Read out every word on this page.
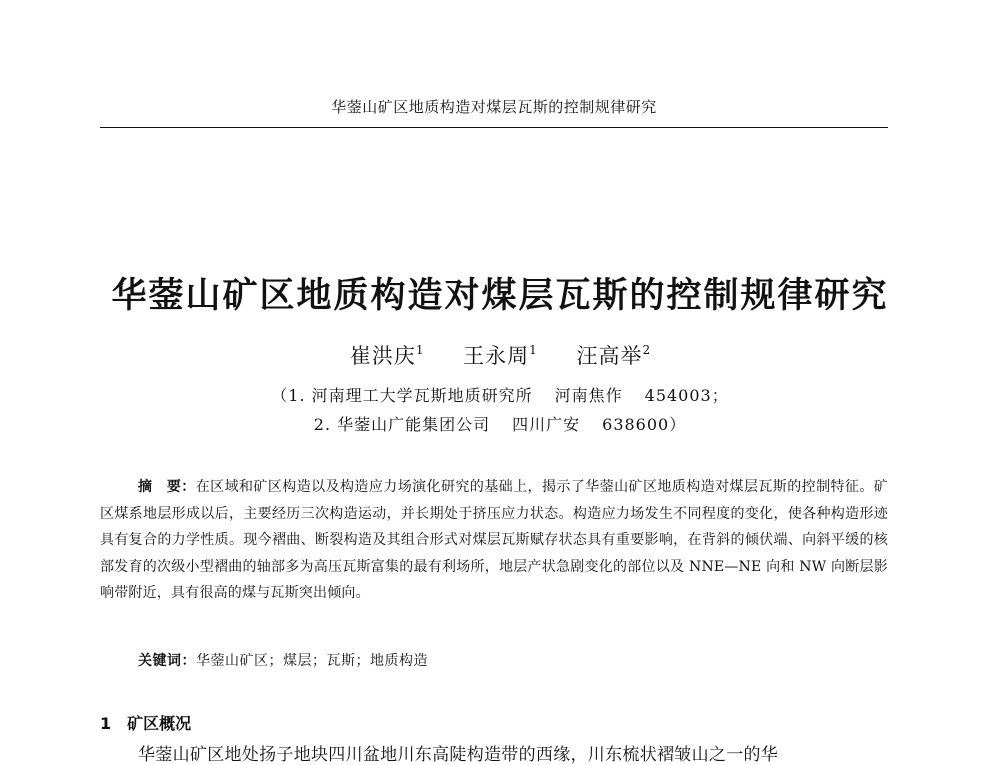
华蓥山矿区地质构造对煤层瓦斯的控制规律研究
华蓥山矿区地质构造对煤层瓦斯的控制规律研究
崔洪庆$^1$ 王永周$^1$ 汪高举$^2$
（1. 河南理工大学瓦斯地质研究所 河南焦作 454003；
2. 华蓥山广能集团公司 四川广安 638600）
摘　要：在区域和矿区构造以及构造应力场演化研究的基础上，揭示了华蓥山矿区地质构造对煤层瓦斯的控制特征。矿区煤系地层形成以后，主要经历三次构造运动，并长期处于挤压应力状态。构造应力场发生不同程度的变化，使各种构造形迹具有复合的力学性质。现今褶曲、断裂构造及其组合形式对煤层瓦斯赋存状态具有重要影响，在背斜的倾伏端、向斜平缓的核部发育的次级小型褶曲的轴部多为高压瓦斯富集的最有利场所，地层产状急剧变化的部位以及 NNE—NE 向和 NW 向断层影响带附近，具有很高的煤与瓦斯突出倾向。
关键词：华蓥山矿区；煤层；瓦斯；地质构造
1 矿区概况
华蓥山矿区地处扬子地块四川盆地川东高陡构造带的西缘，川东梳状褶皱山之一的华
